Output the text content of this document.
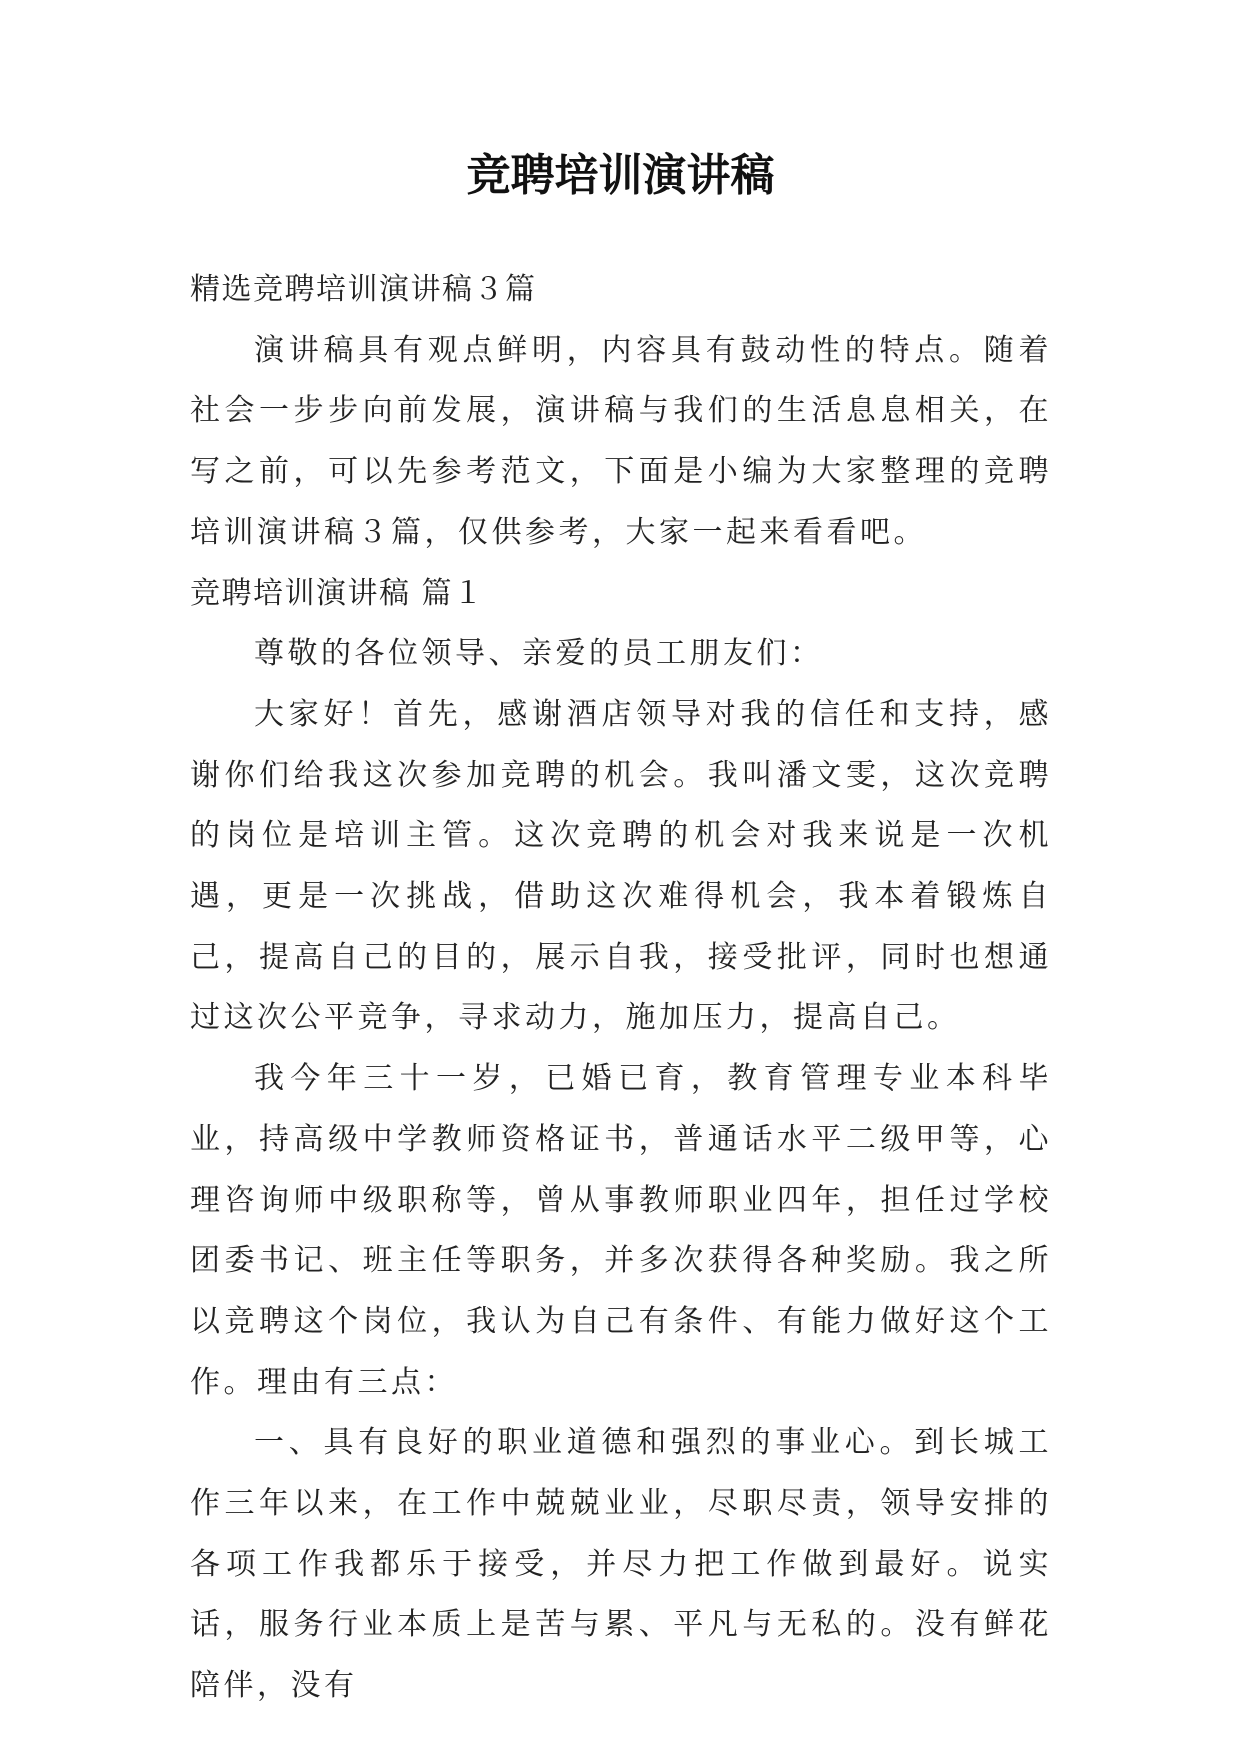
竞聘培训演讲稿

精选竞聘培训演讲稿３篇

演讲稿具有观点鲜明，内容具有鼓动性的特点。随着社会一步步向前发展，演讲稿与我们的生活息息相关，在写之前，可以先参考范文，下面是小编为大家整理的竞聘培训演讲稿３篇，仅供参考，大家一起来看看吧。

竞聘培训演讲稿 篇１

尊敬的各位领导、亲爱的员工朋友们：

大家好！首先，感谢酒店领导对我的信任和支持，感谢你们给我这次参加竞聘的机会。我叫潘文雯，这次竞聘的岗位是培训主管。这次竞聘的机会对我来说是一次机遇，更是一次挑战，借助这次难得机会，我本着锻炼自己，提高自己的目的，展示自我，接受批评，同时也想通过这次公平竞争，寻求动力，施加压力，提高自己。

我今年三十一岁，已婚已育，教育管理专业本科毕业，持高级中学教师资格证书，普通话水平二级甲等，心理咨询师中级职称等，曾从事教师职业四年，担任过学校团委书记、班主任等职务，并多次获得各种奖励。我之所以竞聘这个岗位，我认为自己有条件、有能力做好这个工作。理由有三点：

一、具有良好的职业道德和强烈的事业心。到长城工作三年以来，在工作中兢兢业业，尽职尽责，领导安排的各项工作我都乐于接受，并尽力把工作做到最好。说实话，服务行业本质上是苦与累、平凡与无私的。没有鲜花陪伴，没有
